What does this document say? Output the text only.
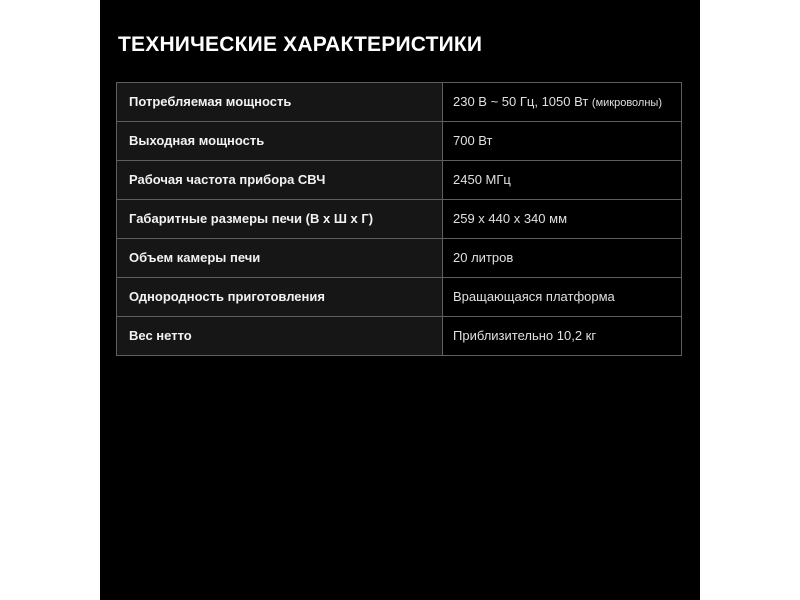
ТЕХНИЧЕСКИЕ ХАРАКТЕРИСТИКИ
Потребляемая мощность	230 В ~ 50 Гц, 1050 Вт (микроволны)
Выходная мощность	700 Вт
Рабочая частота прибора СВЧ	2450 МГц
Габаритные размеры печи (В х Ш х Г)	259 x 440 x 340 мм
Объем камеры печи	20 литров
Однородность приготовления	Вращающаяся платформа
Вес нетто	Приблизительно 10,2 кг
